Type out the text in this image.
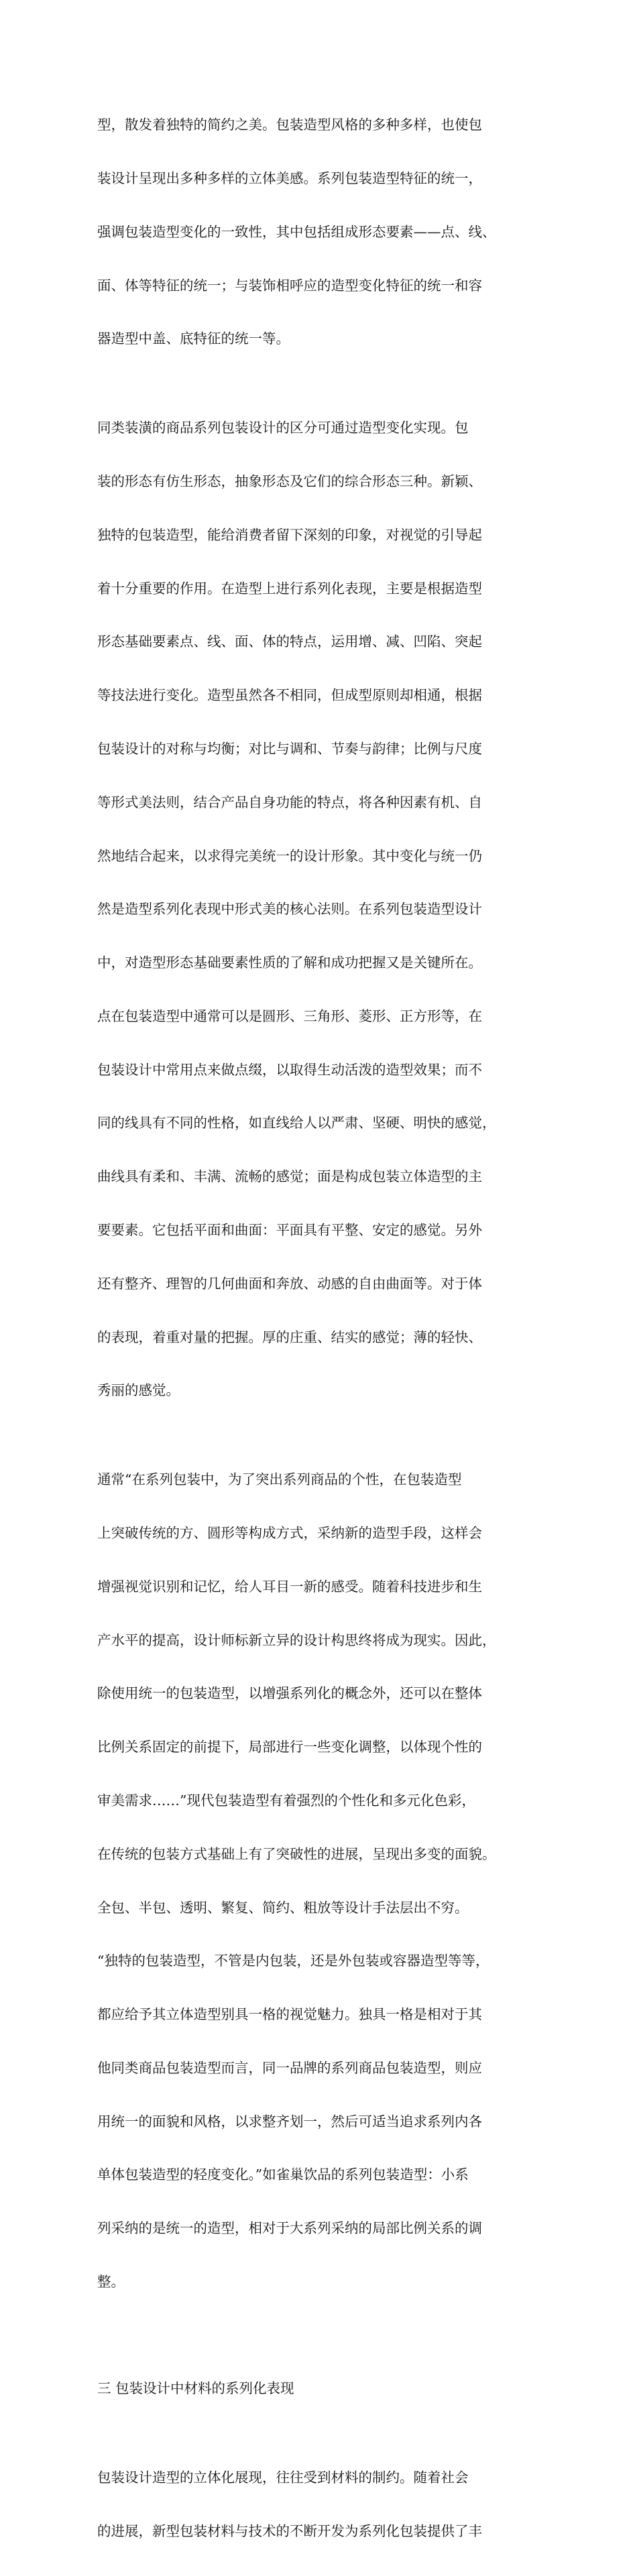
型，散发着独特的简约之美。包装造型风格的多种多样，也使包

装设计呈现出多种多样的立体美感。系列包装造型特征的统一，

强调包装造型变化的一致性，其中包括组成形态要素——点、线、

面、体等特征的统一；与装饰相呼应的造型变化特征的统一和容

器造型中盖、底特征的统一等。

同类装潢的商品系列包装设计的区分可通过造型变化实现。包

装的形态有仿生形态，抽象形态及它们的综合形态三种。新颖、

独特的包装造型，能给消费者留下深刻的印象，对视觉的引导起

着十分重要的作用。在造型上进行系列化表现，主要是根据造型

形态基础要素点、线、面、体的特点，运用增、减、凹陷、突起

等技法进行变化。造型虽然各不相同，但成型原则却相通，根据

包装设计的对称与均衡；对比与调和、节奏与韵律；比例与尺度

等形式美法则，结合产品自身功能的特点，将各种因素有机、自

然地结合起来，以求得完美统一的设计形象。其中变化与统一仍

然是造型系列化表现中形式美的核心法则。在系列包装造型设计

中，对造型形态基础要素性质的了解和成功把握又是关键所在。

点在包装造型中通常可以是圆形、三角形、菱形、正方形等，在

包装设计中常用点来做点缀，以取得生动活泼的造型效果；而不

同的线具有不同的性格，如直线给人以严肃、坚硬、明快的感觉，

曲线具有柔和、丰满、流畅的感觉；面是构成包装立体造型的主

要要素。它包括平面和曲面：平面具有平整、安定的感觉。另外

还有整齐、理智的几何曲面和奔放、动感的自由曲面等。对于体

的表现，着重对量的把握。厚的庄重、结实的感觉；薄的轻快、

秀丽的感觉。

通常“在系列包装中，为了突出系列商品的个性，在包装造型

上突破传统的方、圆形等构成方式，采纳新的造型手段，这样会

增强视觉识别和记忆，给人耳目一新的感受。随着科技进步和生

产水平的提高，设计师标新立异的设计构思终将成为现实。因此，

除使用统一的包装造型，以增强系列化的概念外，还可以在整体

比例关系固定的前提下，局部进行一些变化调整，以体现个性的

审美需求……”现代包装造型有着强烈的个性化和多元化色彩，

在传统的包装方式基础上有了突破性的进展，呈现出多变的面貌。

全包、半包、透明、繁复、简约、粗放等设计手法层出不穷。

“独特的包装造型，不管是内包装，还是外包装或容器造型等等，

都应给予其立体造型别具一格的视觉魅力。独具一格是相对于其

他同类商品包装造型而言，同一品牌的系列商品包装造型，则应

用统一的面貌和风格，以求整齐划一，然后可适当追求系列内各

单体包装造型的轻度变化。”如雀巢饮品的系列包装造型：小系

列采纳的是统一的造型，相对于大系列采纳的局部比例关系的调

整。

三 包装设计中材料的系列化表现

包装设计造型的立体化展现，往往受到材料的制约。随着社会

的进展，新型包装材料与技术的不断开发为系列化包装提供了丰
